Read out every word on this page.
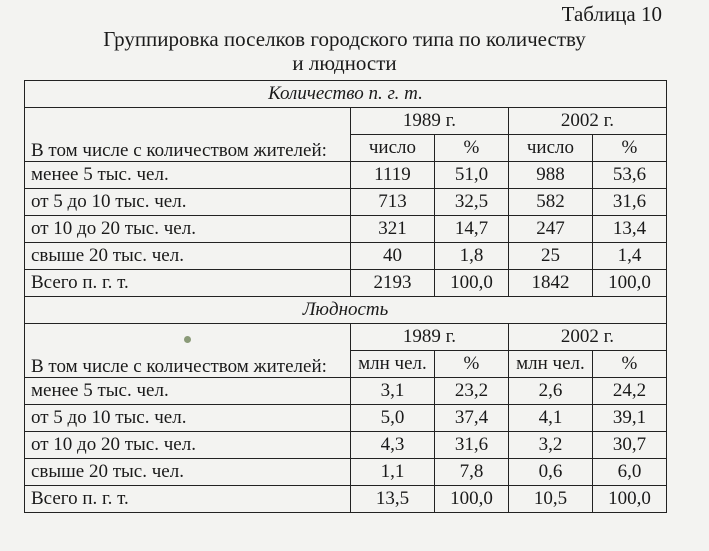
Таблица 10
Группировка поселков городского типа по количеству
и людности
Количество п. г. т.				
В том числе с количеством жителей:	1989 г.		2002 г.	
	число	%	число	%
менее 5 тыс. чел.	1119	51,0	988	53,6
от 5 до 10 тыс. чел.	713	32,5	582	31,6
от 10 до 20 тыс. чел.	321	14,7	247	13,4
свыше 20 тыс. чел.	40	1,8	25	1,4
Всего п. г. т.	2193	100,0	1842	100,0
Людность				
В том числе с количеством жителей:	1989 г.		2002 г.	
	млн чел.	%	млн чел.	%
менее 5 тыс. чел.	3,1	23,2	2,6	24,2
от 5 до 10 тыс. чел.	5,0	37,4	4,1	39,1
от 10 до 20 тыс. чел.	4,3	31,6	3,2	30,7
свыше 20 тыс. чел.	1,1	7,8	0,6	6,0
Всего п. г. т.	13,5	100,0	10,5	100,0
